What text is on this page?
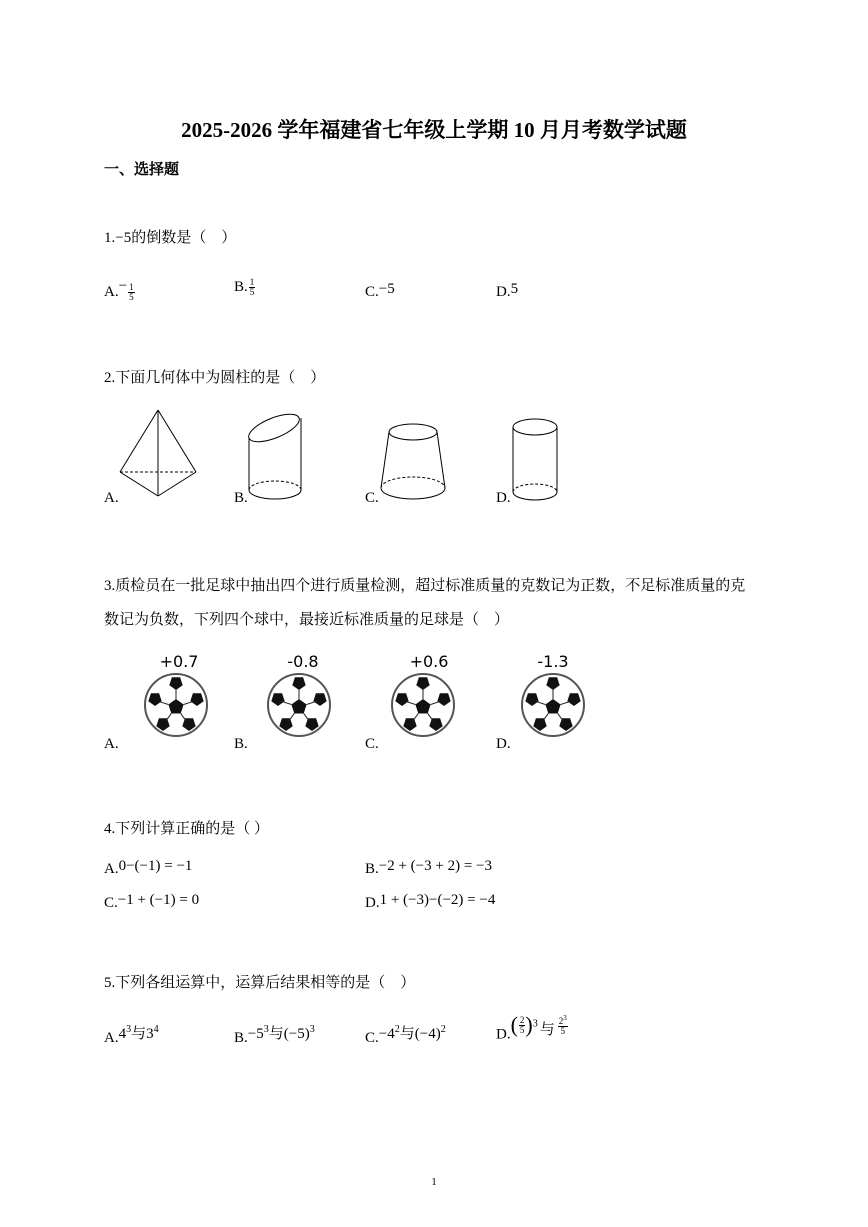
2025-2026 学年福建省七年级上学期 10 月月考数学试题
一、选择题
1.−5的倒数是（　）
$A.- \frac{1}{5}$	B. $\frac{1}{5}$	C.−5	D.5
2.下面几何体中为圆柱的是（　）
A.	B.	C.	D.
3.质检员在一批足球中抽出四个进行质量检测，超过标准质量的克数记为正数，不足标准质量的克
数记为负数，下列四个球中，最接近标准质量的足球是（　）
A.
+0.7
B.
-0.8
C.
+0.6
D.
-1.3
4.下列计算正确的是（ ）
A.0−(−1) = −1	B.−2 + (−3 + 2) = −3
C.−1 + (−1) = 0	D.1 + (−3)−(−2) = −4
5.下列各组运算中，运算后结果相等的是（　）
$A.4^3$与$3^4$
$B.-5^3$与$(-5)^3$
$C.-4^2$与$(-4)^2$	$D.( \frac{2}{5} )^3$ 与 $\frac{2^3}{5}$
1
